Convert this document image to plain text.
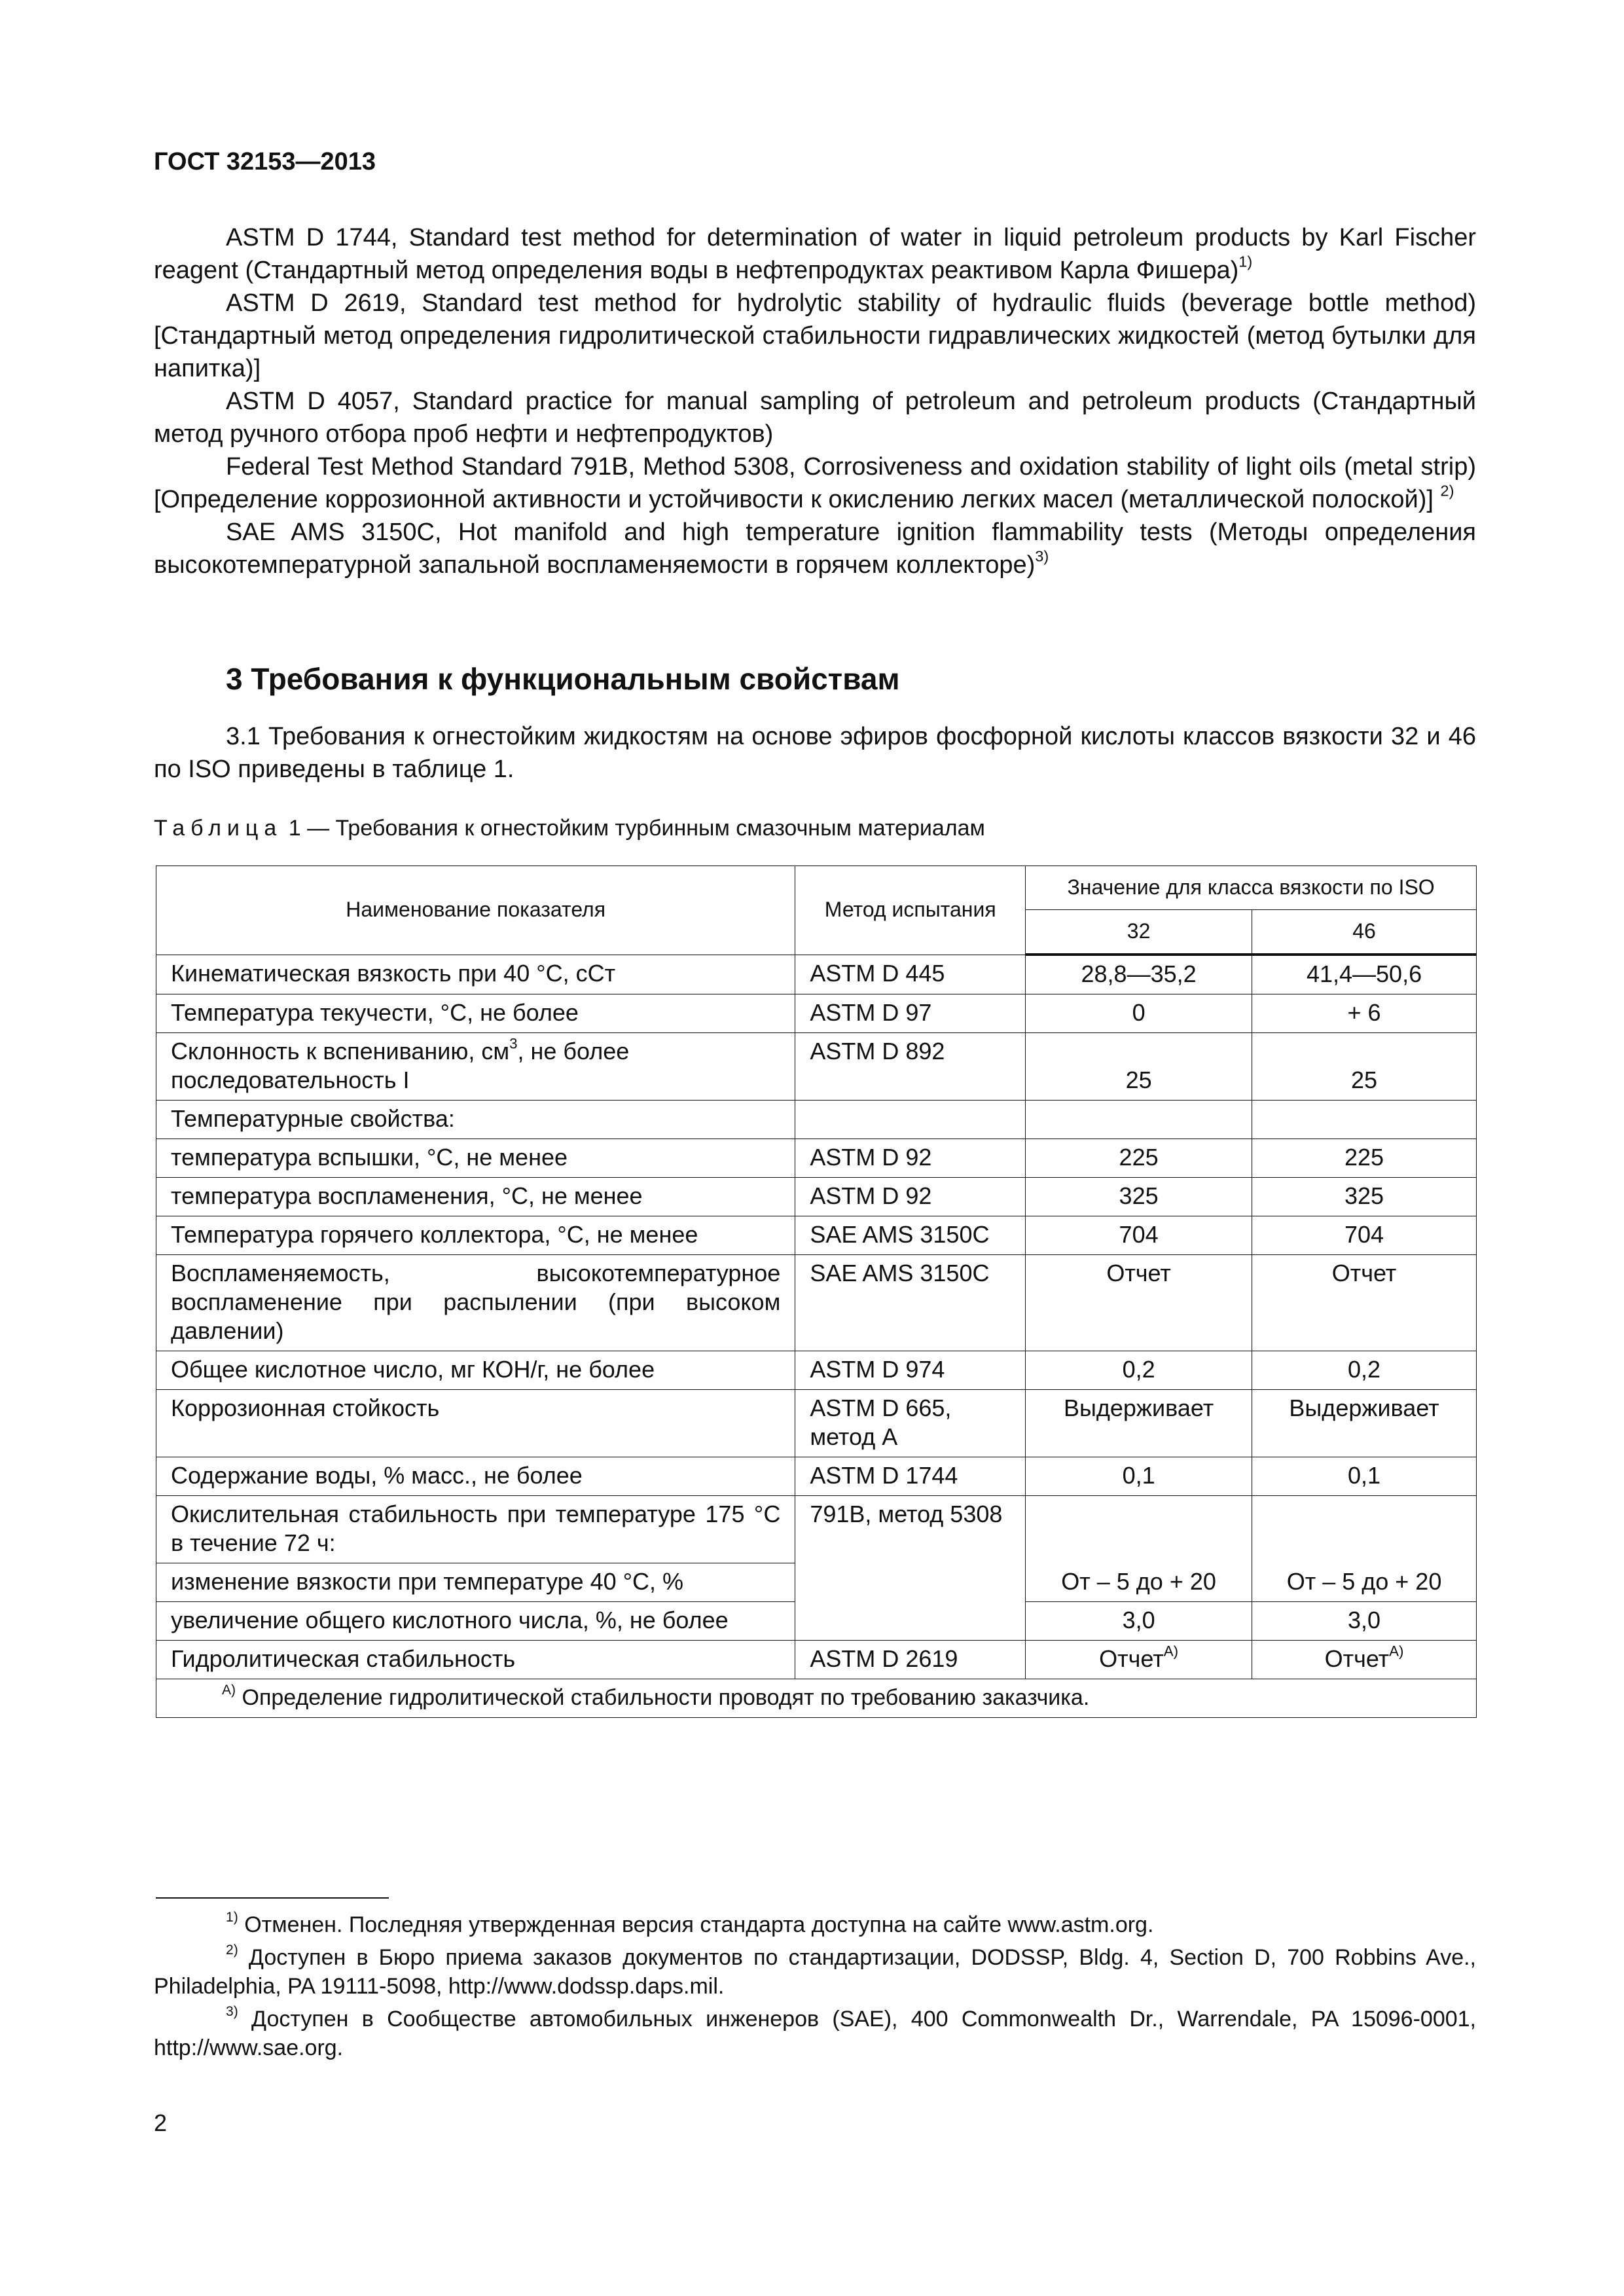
ГОСТ 32153—2013

ASTM D 1744, Standard test method for determination of water in liquid petroleum products by Karl Fischer reagent (Стандартный метод определения воды в нефтепродуктах реактивом Карла Фишера)$^{1)}$

ASTM D 2619, Standard test method for hydrolytic stability of hydraulic fluids (beverage bottle method) [Стандартный метод определения гидролитической стабильности гидравлических жидкостей (метод бутылки для напитка)]

ASTM D 4057, Standard practice for manual sampling of petroleum and petroleum products (Стандартный метод ручного отбора проб нефти и нефтепродуктов)

Federal Test Method Standard 791B, Method 5308, Corrosiveness and oxidation stability of light oils (metal strip) [Определение коррозионной активности и устойчивости к окислению легких масел (металлической полоской)] $^{2)}$

SAE AMS 3150C, Hot manifold and high temperature ignition flammability tests (Методы определения высокотемпературной запальной воспламеняемости в горячем коллекторе)$^{3)}$

3 Требования к функциональным свойствам

3.1 Требования к огнестойким жидкостям на основе эфиров фосфорной кислоты классов вязкости 32 и 46 по ISO приведены в таблице 1.

Таблица 1 — Требования к огнестойким турбинным смазочным материалам
Наименование показателя	Метод испытания	Значение для класса вязкости по ISO	
		32	46
Кинематическая вязкость при 40 °С, сСт	ASTM D 445	28,8—35,2	41,4—50,6
Температура текучести, °С, не более	ASTM D 97	0	+ 6
Склонность к вспениванию, $см^3$, не более последовательность I	ASTM D 892	25	25
Температурные свойства:			
температура вспышки, °С, не менее	ASTM D 92	225	225
температура воспламенения, °С, не менее	ASTM D 92	325	325
Температура горячего коллектора, °С, не менее	SAE AMS 3150C	704	704
Воспламеняемость, высокотемпературное воспламенение при распылении (при высоком давлении)	SAE AMS 3150C	Отчет	Отчет
Общее кислотное число, мг КОН/г, не более	ASTM D 974	0,2	0,2
Коррозионная стойкость	ASTM D 665, метод А	Выдерживает	Выдерживает
Содержание воды, % масс., не более	ASTM D 1744	0,1	0,1
Окислительная стабильность при температуре 175 °С в течение 72 ч:	791В, метод 5308		
изменение вязкости при температуре 40 °С, %		От – 5 до + 20	От – 5 до + 20
увеличение общего кислотного числа, %, не более		3,0	3,0
Гидролитическая стабильность	ASTM D 2619	Отчет$^{А)}$	Отчет$^{А)}$
$^{А)}$ Определение гидролитической стабильности проводят по требованию заказчика.			

$^{1)}$ Отменен. Последняя утвержденная версия стандарта доступна на сайте www.astm.org.

$^{2)}$ Доступен в Бюро приема заказов документов по стандартизации, DODSSP, Bldg. 4, Section D, 700 Robbins Ave., Philadelphia, PA 19111-5098, http://www.dodssp.daps.mil.

$^{3)}$ Доступен в Сообществе автомобильных инженеров (SAE), 400 Commonwealth Dr., Warrendale, PA 15096-0001, http://www.sae.org.

2
